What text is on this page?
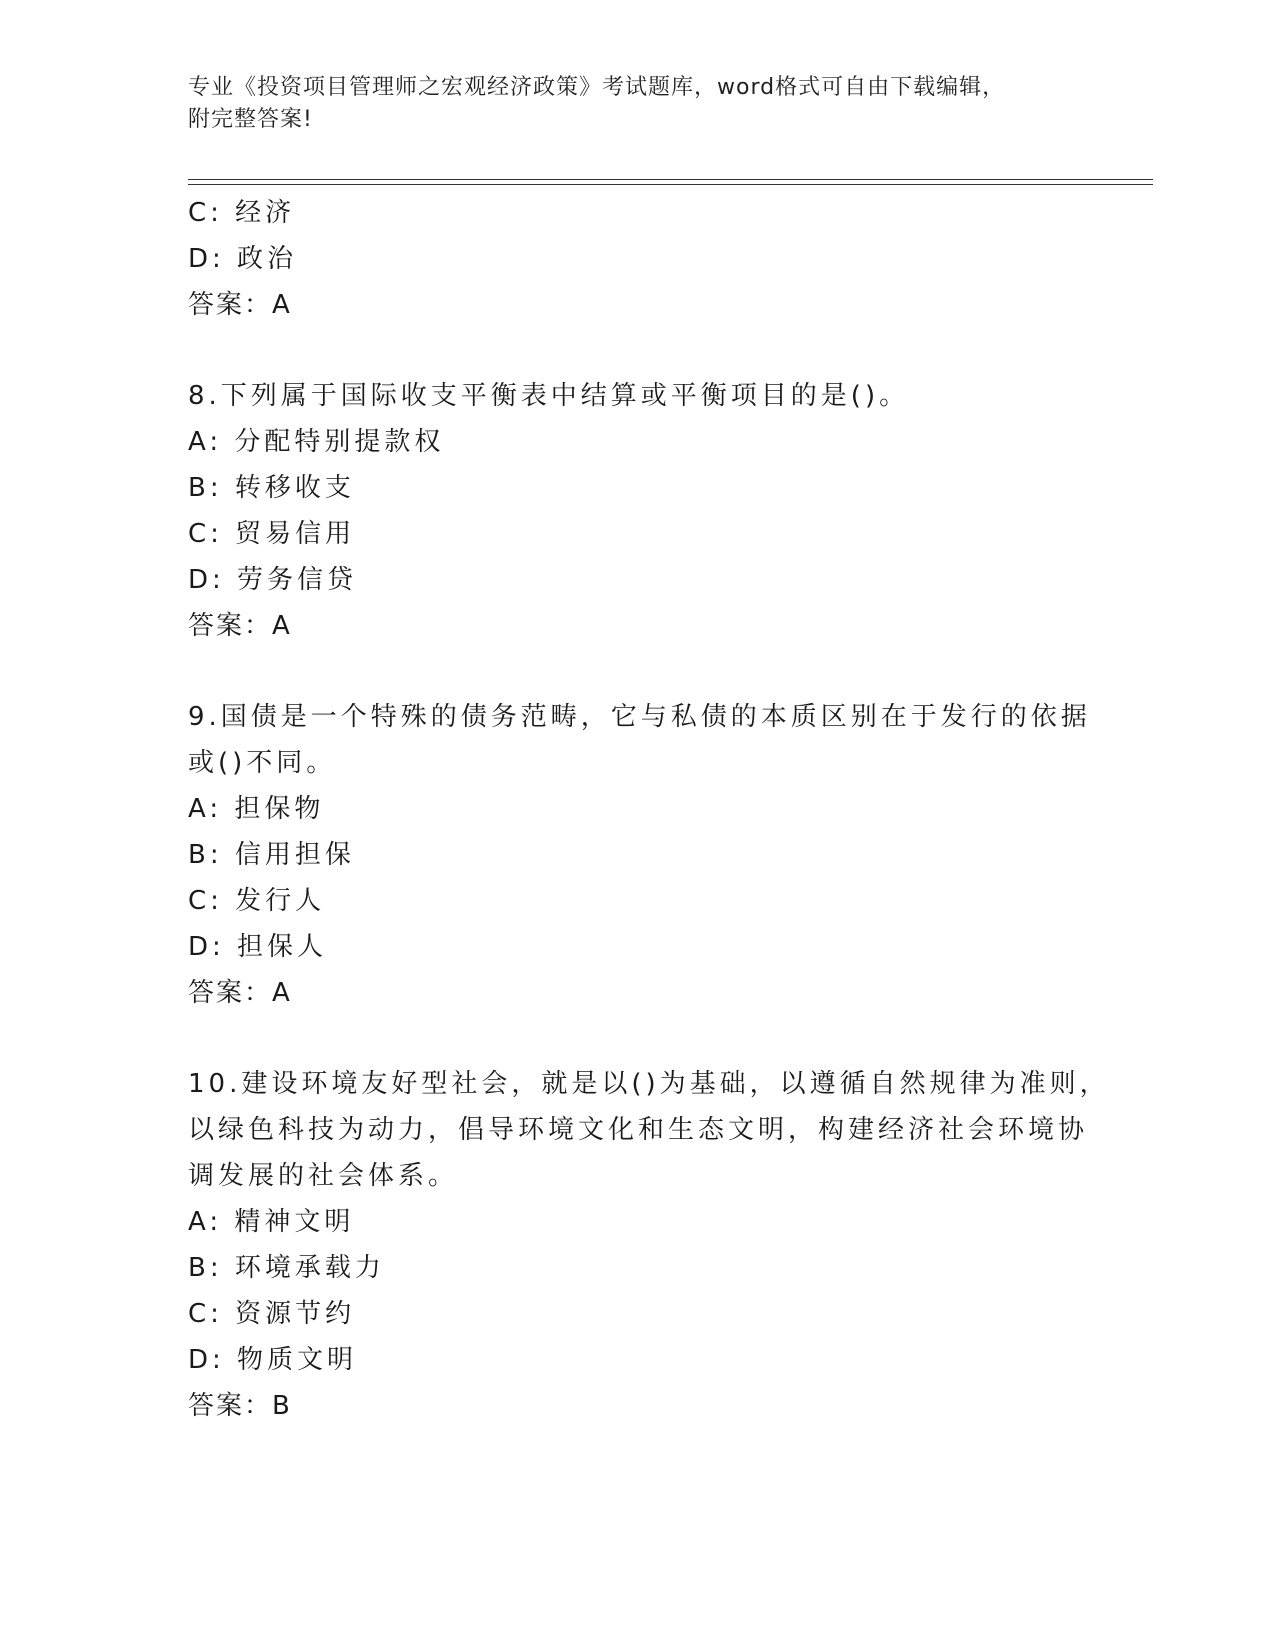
专业《投资项目管理师之宏观经济政策》考试题库，word格式可自由下载编辑，
附完整答案!
C: 经济
D: 政治
答案：A
8.下列属于国际收支平衡表中结算或平衡项目的是()。
A: 分配特别提款权
B: 转移收支
C: 贸易信用
D: 劳务信贷
答案：A
9.国债是一个特殊的债务范畴，它与私债的本质区别在于发行的依据
或()不同。
A: 担保物
B: 信用担保
C: 发行人
D: 担保人
答案：A
10.建设环境友好型社会，就是以()为基础，以遵循自然规律为准则，
以绿色科技为动力，倡导环境文化和生态文明，构建经济社会环境协
调发展的社会体系。
A: 精神文明
B: 环境承载力
C: 资源节约
D: 物质文明
答案：B
